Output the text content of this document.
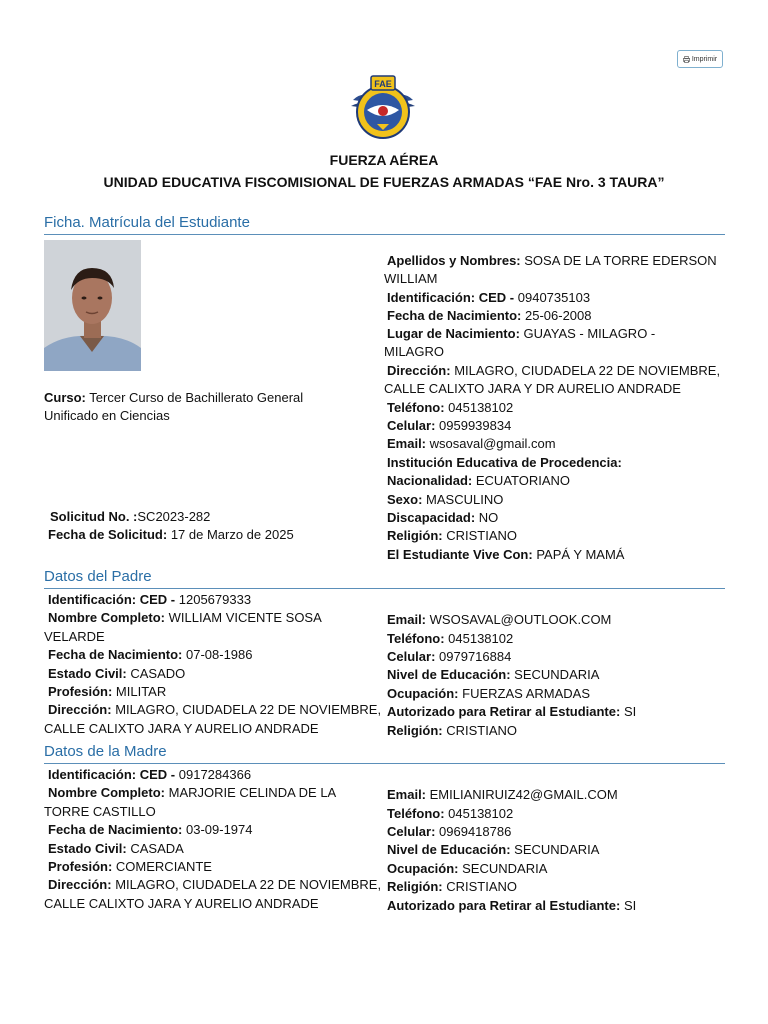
Imprimir
FAE
FUERZA AÉREA
UNIDAD EDUCATIVA FISCOMISIONAL DE FUERZAS ARMADAS “FAE Nro. 3 TAURA”
Ficha. Matrícula del Estudiante
Curso: Tercer Curso de Bachillerato General Unificado en Ciencias
Solicitud No. :SC2023-282
Fecha de Solicitud: 17 de Marzo de 2025
Apellidos y Nombres: SOSA DE LA TORRE EDERSON
WILLIAM
Identificación: CED - 0940735103
Fecha de Nacimiento: 25-06-2008
Lugar de Nacimiento: GUAYAS - MILAGRO -
MILAGRO
Dirección: MILAGRO, CIUDADELA 22 DE NOVIEMBRE,
CALLE CALIXTO JARA Y DR AURELIO ANDRADE
Teléfono: 045138102
Celular: 0959939834
Email: wsosaval@gmail.com
Institución Educativa de Procedencia:
Nacionalidad: ECUATORIANO
Sexo: MASCULINO
Discapacidad: NO
Religión: CRISTIANO
El Estudiante Vive Con: PAPÁ Y MAMÁ
Datos del Padre
Identificación: CED - 1205679333
Nombre Completo: WILLIAM VICENTE SOSA
VELARDE
Fecha de Nacimiento: 07-08-1986
Estado Civil: CASADO
Profesión: MILITAR
Dirección: MILAGRO, CIUDADELA 22 DE NOVIEMBRE,
CALLE CALIXTO JARA Y AURELIO ANDRADE
Email: WSOSAVAL@OUTLOOK.COM
Teléfono: 045138102
Celular: 0979716884
Nivel de Educación: SECUNDARIA
Ocupación: FUERZAS ARMADAS
Autorizado para Retirar al Estudiante: SI
Religión: CRISTIANO
Datos de la Madre
Identificación: CED - 0917284366
Nombre Completo: MARJORIE CELINDA DE LA
TORRE CASTILLO
Fecha de Nacimiento: 03-09-1974
Estado Civil: CASADA
Profesión: COMERCIANTE
Dirección: MILAGRO, CIUDADELA 22 DE NOVIEMBRE,
CALLE CALIXTO JARA Y AURELIO ANDRADE
Email: EMILIANIRUIZ42@GMAIL.COM
Teléfono: 045138102
Celular: 0969418786
Nivel de Educación: SECUNDARIA
Ocupación: SECUNDARIA
Religión: CRISTIANO
Autorizado para Retirar al Estudiante: SI
